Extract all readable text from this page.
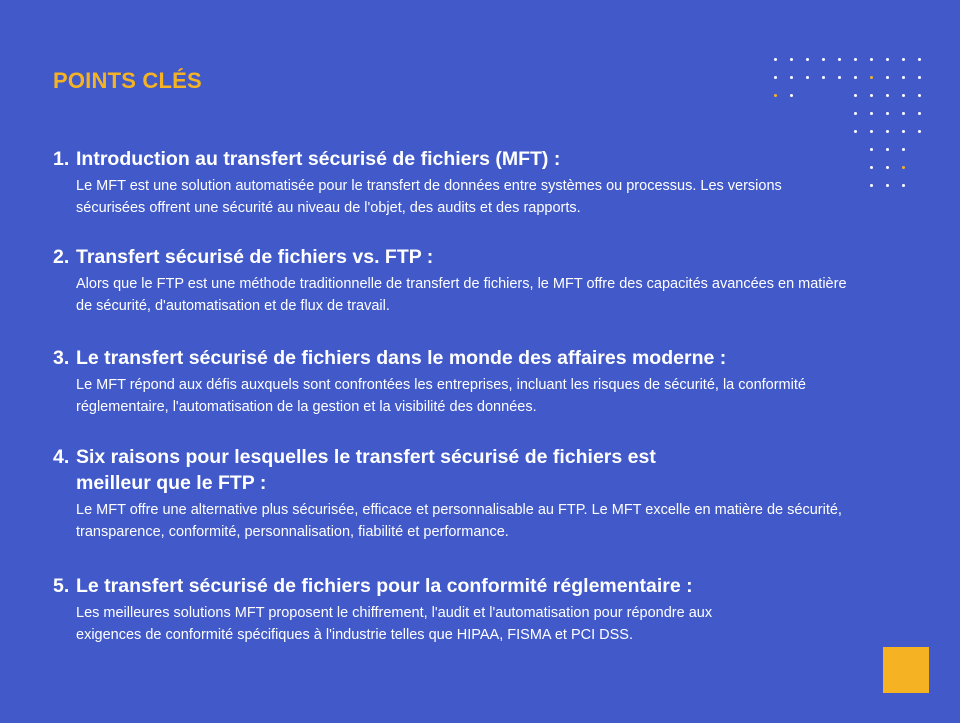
POINTS CLÉS
1. Introduction au transfert sécurisé de fichiers (MFT) :

Le MFT est une solution automatisée pour le transfert de données entre systèmes ou processus. Les versions sécurisées offrent une sécurité au niveau de l'objet, des audits et des rapports.

2. Transfert sécurisé de fichiers vs. FTP :

Alors que le FTP est une méthode traditionnelle de transfert de fichiers, le MFT offre des capacités avancées en matière de sécurité, d'automatisation et de flux de travail.

3. Le transfert sécurisé de fichiers dans le monde des affaires moderne :

Le MFT répond aux défis auxquels sont confrontées les entreprises, incluant les risques de sécurité, la conformité réglementaire, l'automatisation de la gestion et la visibilité des données.

4. Six raisons pour lesquelles le transfert sécurisé de fichiers est meilleur que le FTP :

Le MFT offre une alternative plus sécurisée, efficace et personnalisable au FTP. Le MFT excelle en matière de sécurité, transparence, conformité, personnalisation, fiabilité et performance.

5. Le transfert sécurisé de fichiers pour la conformité réglementaire :

Les meilleures solutions MFT proposent le chiffrement, l'audit et l'automatisation pour répondre aux exigences de conformité spécifiques à l'industrie telles que HIPAA, FISMA et PCI DSS.
